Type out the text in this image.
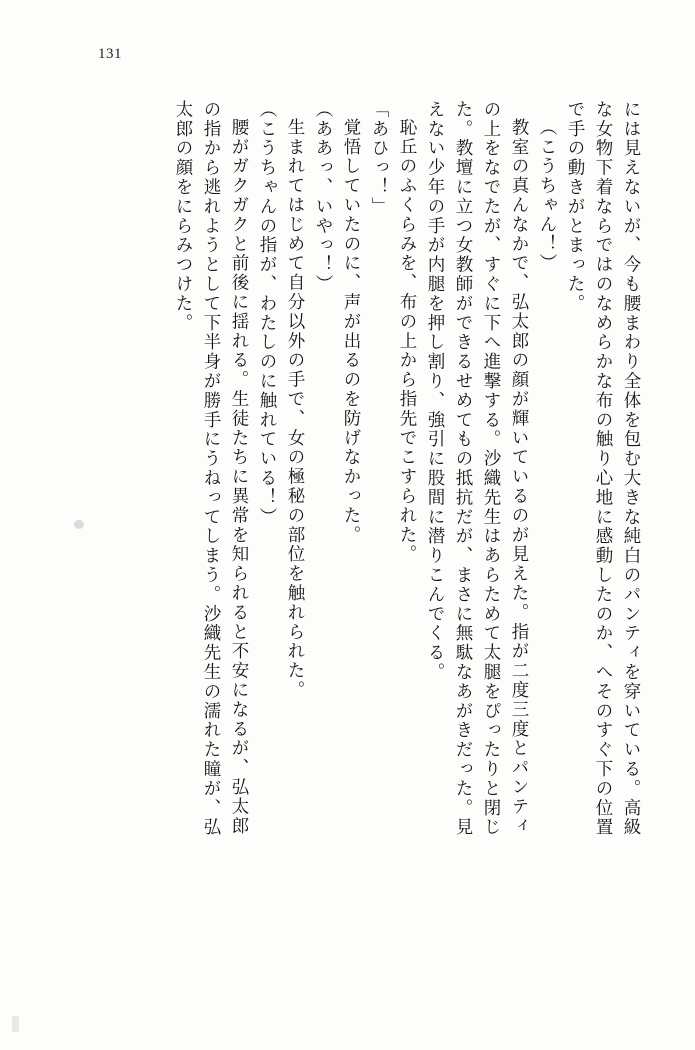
131
には見えないが、今も腰まわり全体を包む大きな純白のパンティを穿いている。高級
な女物下着ならではのなめらかな布の触り心地に感動したのか、へそのすぐ下の位置
で手の動きがとまった。
（こうちゃん！）
教室の真んなかで、弘太郎の顔が輝いているのが見えた。指が二度三度とパンティ
の上をなでたが、すぐに下へ進撃する。沙織先生はあらためて太腿をぴったりと閉じ
た。教壇に立つ女教師ができるせめてもの抵抗だが、まさに無駄なあがきだった。見
えない少年の手が内腿を押し割り、強引に股間に潜りこんでくる。
恥丘のふくらみを、布の上から指先でこすられた。
「あひっ！」
覚悟していたのに、声が出るのを防げなかった。
（ああっ、いやっ！）
生まれてはじめて自分以外の手で、女の極秘の部位を触れられた。
（こうちゃんの指が、わたしのに触れている！）
腰がガクガクと前後に揺れる。生徒たちに異常を知られると不安になるが、弘太郎
の指から逃れようとして下半身が勝手にうねってしまう。沙織先生の濡れた瞳が、弘
太郎の顔をにらみつけた。
